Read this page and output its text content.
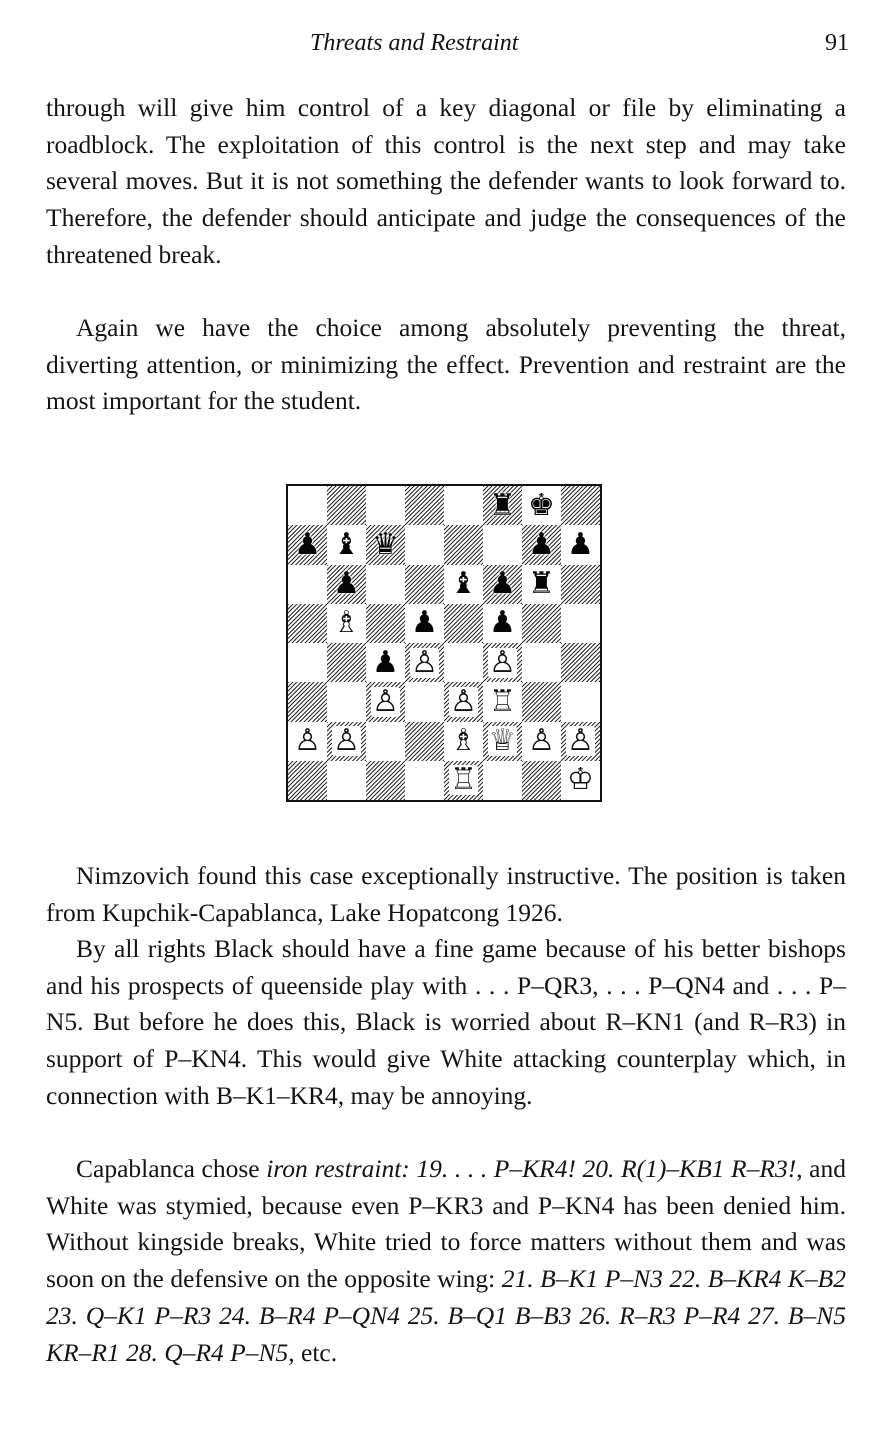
Threats and Restraint	91

through will give him control of a key diagonal or file by eliminating a roadblock. The exploitation of this control is the next step and may take several moves. But it is not something the defender wants to look forward to. Therefore, the defender should anticipate and judge the consequences of the threatened break.

Again we have the choice among absolutely preventing the threat, diverting attention, or minimizing the effect. Prevention and restraint are the most important for the student.

♜ ♚
♟ ♝ ♛	♟ ♟
♟	♝ ♟ ♜
♗ ♟ ♟
♟ ♙ ♙
♙ ♙ ♖
♙ ♙	♗ ♕ ♙ ♙
♖	♔

Nimzovich found this case exceptionally instructive. The position is taken from Kupchik-Capablanca, Lake Hopatcong 1926.

By all rights Black should have a fine game because of his better bishops and his prospects of queenside play with . . . P–QR3, . . . P–QN4 and . . . P–N5. But before he does this, Black is worried about R–KN1 (and R–R3) in support of P–KN4. This would give White attacking counterplay which, in connection with B–K1–KR4, may be annoying.

Capablanca chose iron restraint: 19. . . . P–KR4! 20. R(1)–KB1 R–R3!, and White was stymied, because even P–KR3 and P–KN4 has been denied him. Without kingside breaks, White tried to force matters without them and was soon on the defensive on the opposite wing: 21. B–K1 P–N3 22. B–KR4 K–B2 23. Q–K1 P–R3 24. B–R4 P–QN4 25. B–Q1 B–B3 26. R–R3 P–R4 27. B–N5 KR–R1 28. Q–R4 P–N5, etc.
